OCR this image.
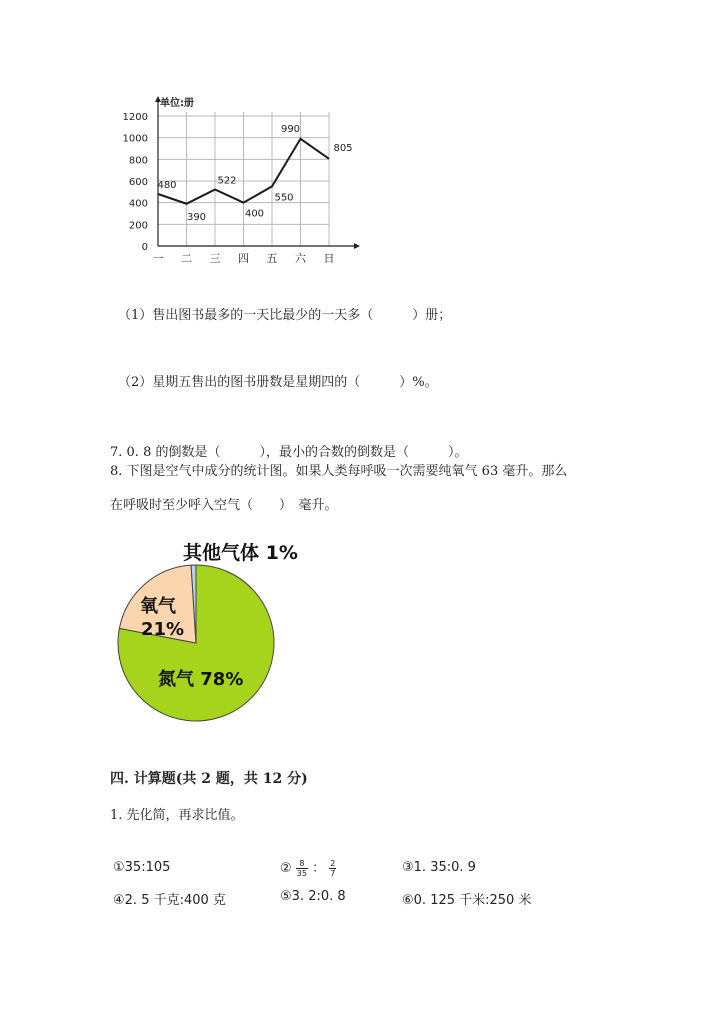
0
200
400
600
800
1000
1200
一 二 三 四 五 六 日
480
390
522
400
550
990
805
单位:册
（1）售出图书最多的一天比最少的一天多（　　　）册；
（2）星期五售出的图书册数是星期四的（　　　）%。
7. 0. 8 的倒数是（　　　），最小的合数的倒数是（　　　）。
8. 下图是空气中成分的统计图。如果人类每呼吸一次需要纯氧气 63 毫升。那么
在呼吸时至少呼入空气（　　）　毫升。
其他气体 1%
氧气
21%
氮气 78%
四. 计算题(共 2 题，共 12 分)
1. 先化简，再求比值。
①35:105	② $\frac{8}{35}$ ： $\frac{2}{7}$	③1. 35:0. 9
④2. 5 千克:400 克	⑤3. 2:0. 8	⑥0. 125 千米:250 米
